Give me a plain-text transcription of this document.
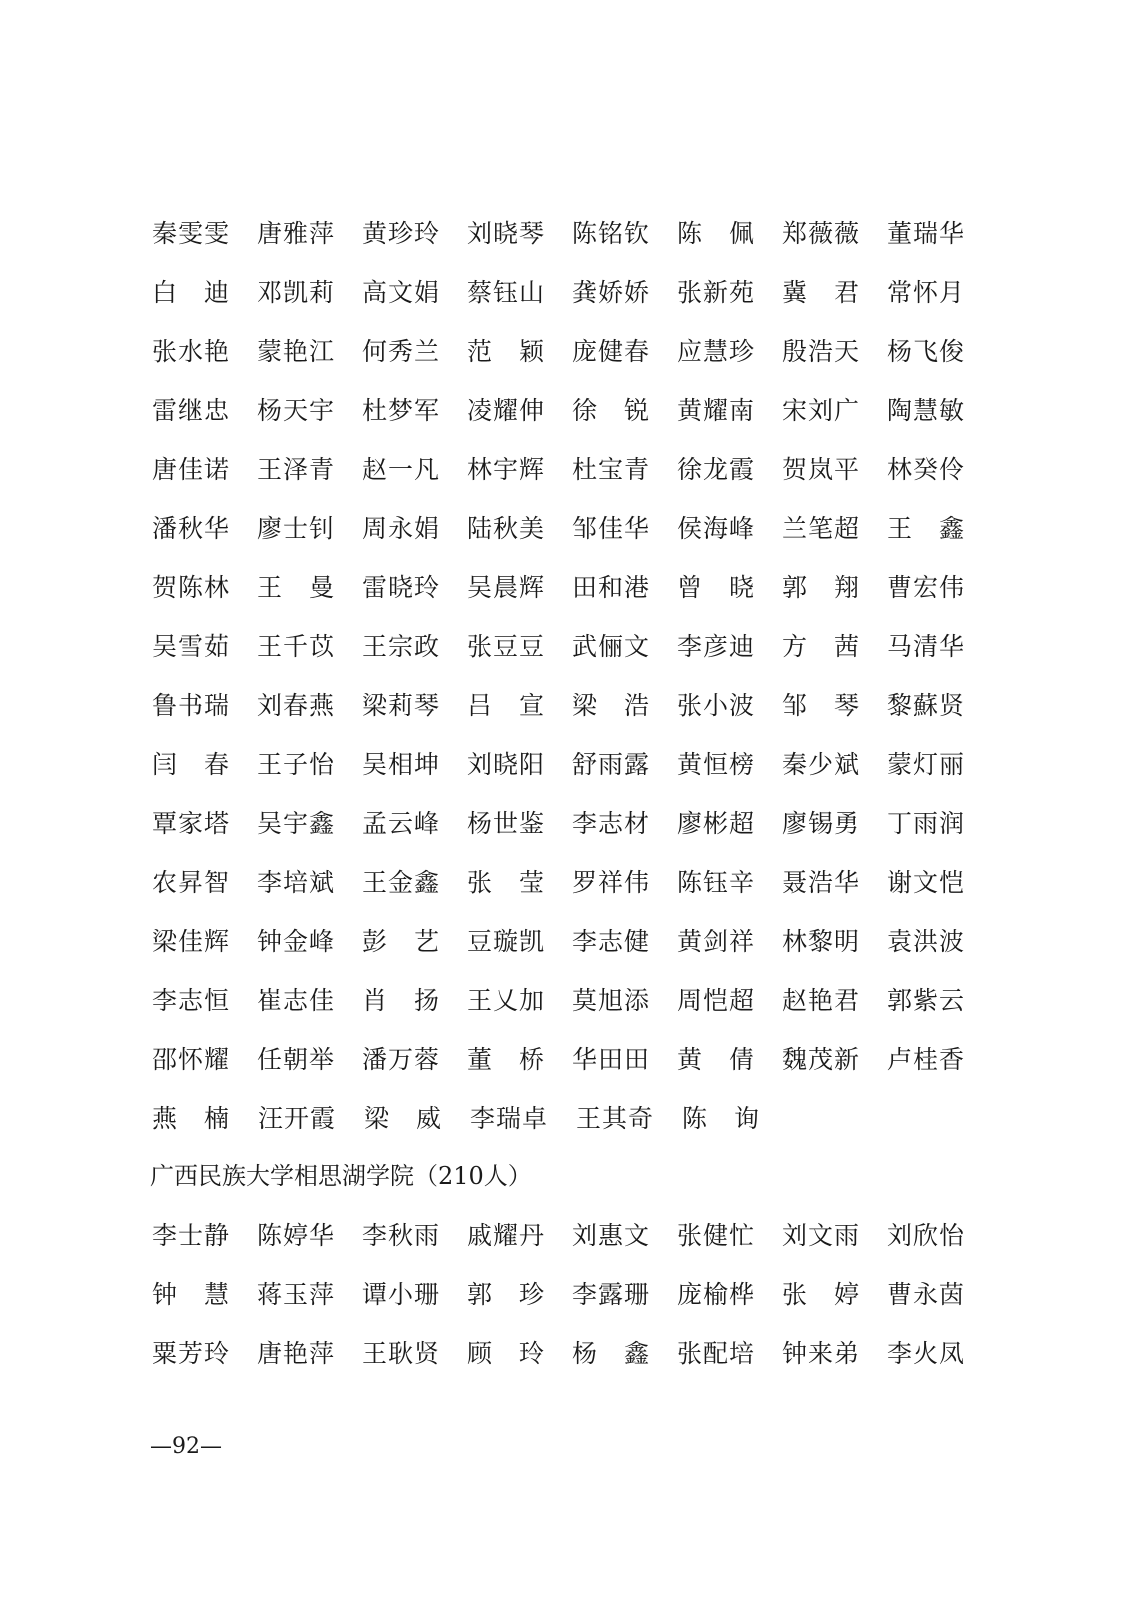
秦雯雯	唐雅萍	黄珍玲	刘晓琴	陈铭钦	陈　佩	郑薇薇	董瑞华
白　迪	邓凯莉	高文娟	蔡钰山	龚娇娇	张新苑	冀　君	常怀月
张水艳	蒙艳江	何秀兰	范　颖	庞健春	应慧珍	殷浩天	杨飞俊
雷继忠	杨天宇	杜梦军	凌耀伸	徐　锐	黄耀南	宋刘广	陶慧敏
唐佳诺	王泽青	赵一凡	林宇辉	杜宝青	徐龙霞	贺岚平	林癸伶
潘秋华	廖士钊	周永娟	陆秋美	邹佳华	侯海峰	兰笔超	王　鑫
贺陈林	王　曼	雷晓玲	吴晨辉	田和港	曾　晓	郭　翔	曹宏伟
吴雪茹	王千苡	王宗政	张豆豆	武俪文	李彦迪	方　茜	马清华
鲁书瑞	刘春燕	梁莉琴	吕　宣	梁　浩	张小波	邹　琴	黎蘇贤
闫　春	王子怡	吴相坤	刘晓阳	舒雨露	黄恒榜	秦少斌	蒙灯丽
覃家塔	吴宇鑫	孟云峰	杨世鉴	李志材	廖彬超	廖锡勇	丁雨润
农昇智	李培斌	王金鑫	张　莹	罗祥伟	陈钰辛	聂浩华	谢文恺
梁佳辉	钟金峰	彭　艺	豆璇凯	李志健	黄剑祥	林黎明	袁洪波
李志恒	崔志佳	肖　扬	王乂加	莫旭添	周恺超	赵艳君	郭紫云
邵怀耀	任朝举	潘万蓉	董　桥	华田田	黄　倩	魏茂新	卢桂香
燕　楠	汪开霞	梁　威	李瑞卓	王其奇	陈　询
广西民族大学相思湖学院（210人）
李士静	陈婷华	李秋雨	戚耀丹	刘惠文	张健忙	刘文雨	刘欣怡
钟　慧	蒋玉萍	谭小珊	郭　珍	李露珊	庞榆桦	张　婷	曹永茵
粟芳玲	唐艳萍	王耿贤	顾　玲	杨　鑫	张配培	钟来弟	李火凤
—92—
